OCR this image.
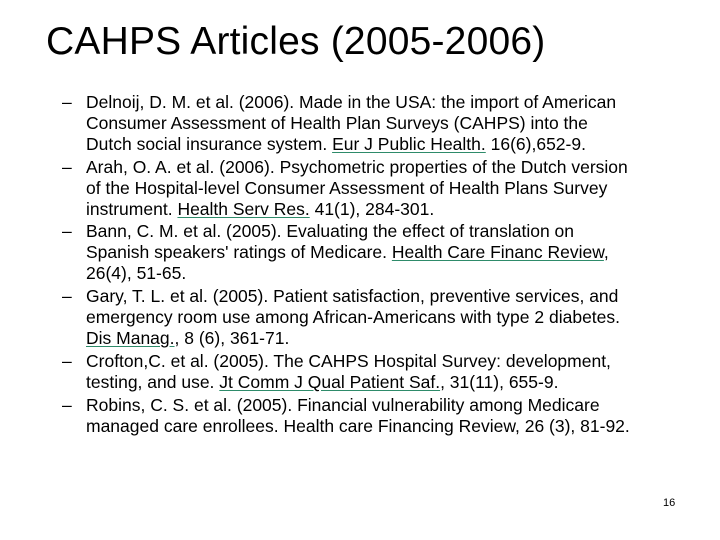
CAHPS Articles (2005-2006)
– Delnoij, D. M. et al. (2006). Made in the USA: the import of American
Consumer Assessment of Health Plan Surveys (CAHPS) into the
Dutch social insurance system. Eur J Public Health. 16(6),652-9.
– Arah, O. A. et al. (2006). Psychometric properties of the Dutch version
of the Hospital-level Consumer Assessment of Health Plans Survey
instrument. Health Serv Res. 41(1), 284-301.
– Bann, C. M. et al. (2005). Evaluating the effect of translation on
Spanish speakers' ratings of Medicare. Health Care Financ Review,
26(4), 51-65.
– Gary, T. L. et al. (2005). Patient satisfaction, preventive services, and
emergency room use among African-Americans with type 2 diabetes.
Dis Manag., 8 (6), 361-71.
– Crofton,C. et al. (2005). The CAHPS Hospital Survey: development,
testing, and use. Jt Comm J Qual Patient Saf., 31(11), 655-9.
– Robins, C. S. et al. (2005). Financial vulnerability among Medicare
managed care enrollees. Health care Financing Review, 26 (3), 81-92.
16
